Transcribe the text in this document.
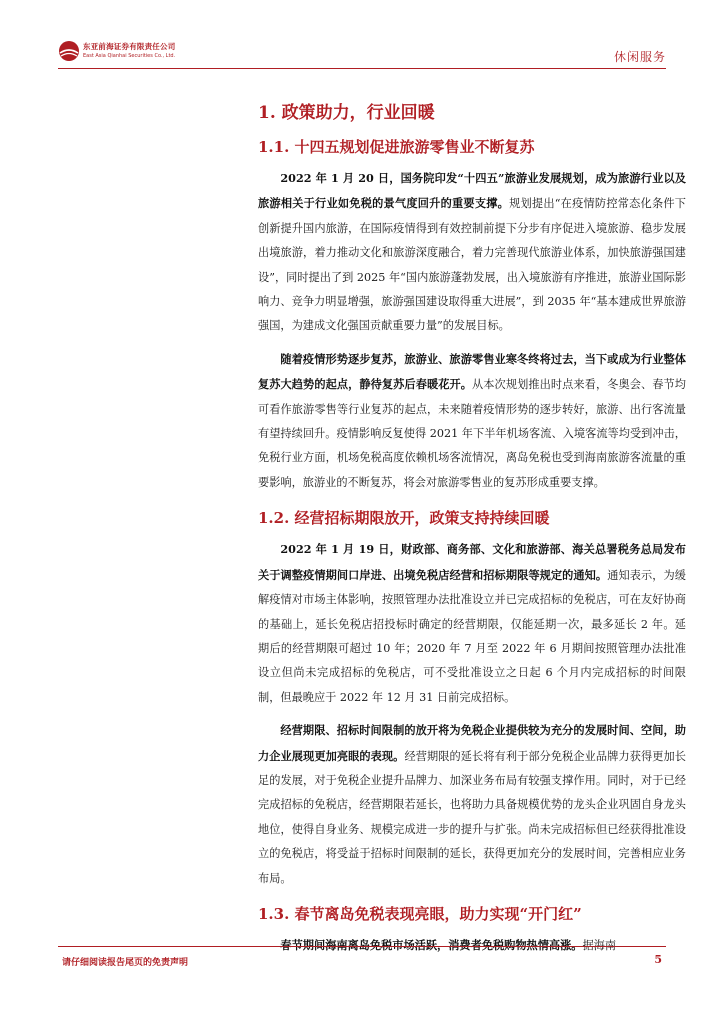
东亚前海证券有限责任公司
East Asia Qianhai Securities Co., Ltd.	休闲服务
1. 政策助力，行业回暖
1.1. 十四五规划促进旅游零售业不断复苏

2022 年 1 月 20 日，国务院印发“十四五”旅游业发展规划，成为旅游行业以及旅游相关于行业如免税的景气度回升的重要支撑。规划提出“在疫情防控常态化条件下创新提升国内旅游，在国际疫情得到有效控制前提下分步有序促进入境旅游、稳步发展出境旅游，着力推动文化和旅游深度融合，着力完善现代旅游业体系，加快旅游强国建设”，同时提出了到 2025 年“国内旅游蓬勃发展，出入境旅游有序推进，旅游业国际影响力、竞争力明显增强，旅游强国建设取得重大进展”，到 2035 年“基本建成世界旅游强国，为建成文化强国贡献重要力量”的发展目标。

随着疫情形势逐步复苏，旅游业、旅游零售业寒冬终将过去，当下或成为行业整体复苏大趋势的起点，静待复苏后春暖花开。从本次规划推出时点来看，冬奥会、春节均可看作旅游零售等行业复苏的起点，未来随着疫情形势的逐步转好，旅游、出行客流量有望持续回升。疫情影响反复使得 2021 年下半年机场客流、入境客流等均受到冲击，免税行业方面，机场免税高度依赖机场客流情况，离岛免税也受到海南旅游客流量的重要影响，旅游业的不断复苏，将会对旅游零售业的复苏形成重要支撑。

1.2. 经营招标期限放开，政策支持持续回暖

2022 年 1 月 19 日，财政部、商务部、文化和旅游部、海关总署税务总局发布关于调整疫情期间口岸进、出境免税店经营和招标期限等规定的通知。通知表示，为缓解疫情对市场主体影响，按照管理办法批准设立并已完成招标的免税店，可在友好协商的基础上，延长免税店招投标时确定的经营期限，仅能延期一次，最多延长 2 年。延期后的经营期限可超过 10 年；2020 年 7 月至 2022 年 6 月期间按照管理办法批准设立但尚未完成招标的免税店，可不受批准设立之日起 6 个月内完成招标的时间限制，但最晚应于 2022 年 12 月 31 日前完成招标。

经营期限、招标时间限制的放开将为免税企业提供较为充分的发展时间、空间，助力企业展现更加亮眼的表现。经营期限的延长将有利于部分免税企业品牌力获得更加长足的发展，对于免税企业提升品牌力、加深业务布局有较强支撑作用。同时，对于已经完成招标的免税店，经营期限若延长，也将助力具备规模优势的龙头企业巩固自身龙头地位，使得自身业务、规模完成进一步的提升与扩张。尚未完成招标但已经获得批准设立的免税店，将受益于招标时间限制的延长，获得更加充分的发展时间，完善相应业务布局。

1.3. 春节离岛免税表现亮眼，助力实现“开门红”

春节期间海南离岛免税市场活跃，消费者免税购物热情高涨。据海南

请仔细阅读报告尾页的免责声明	5
